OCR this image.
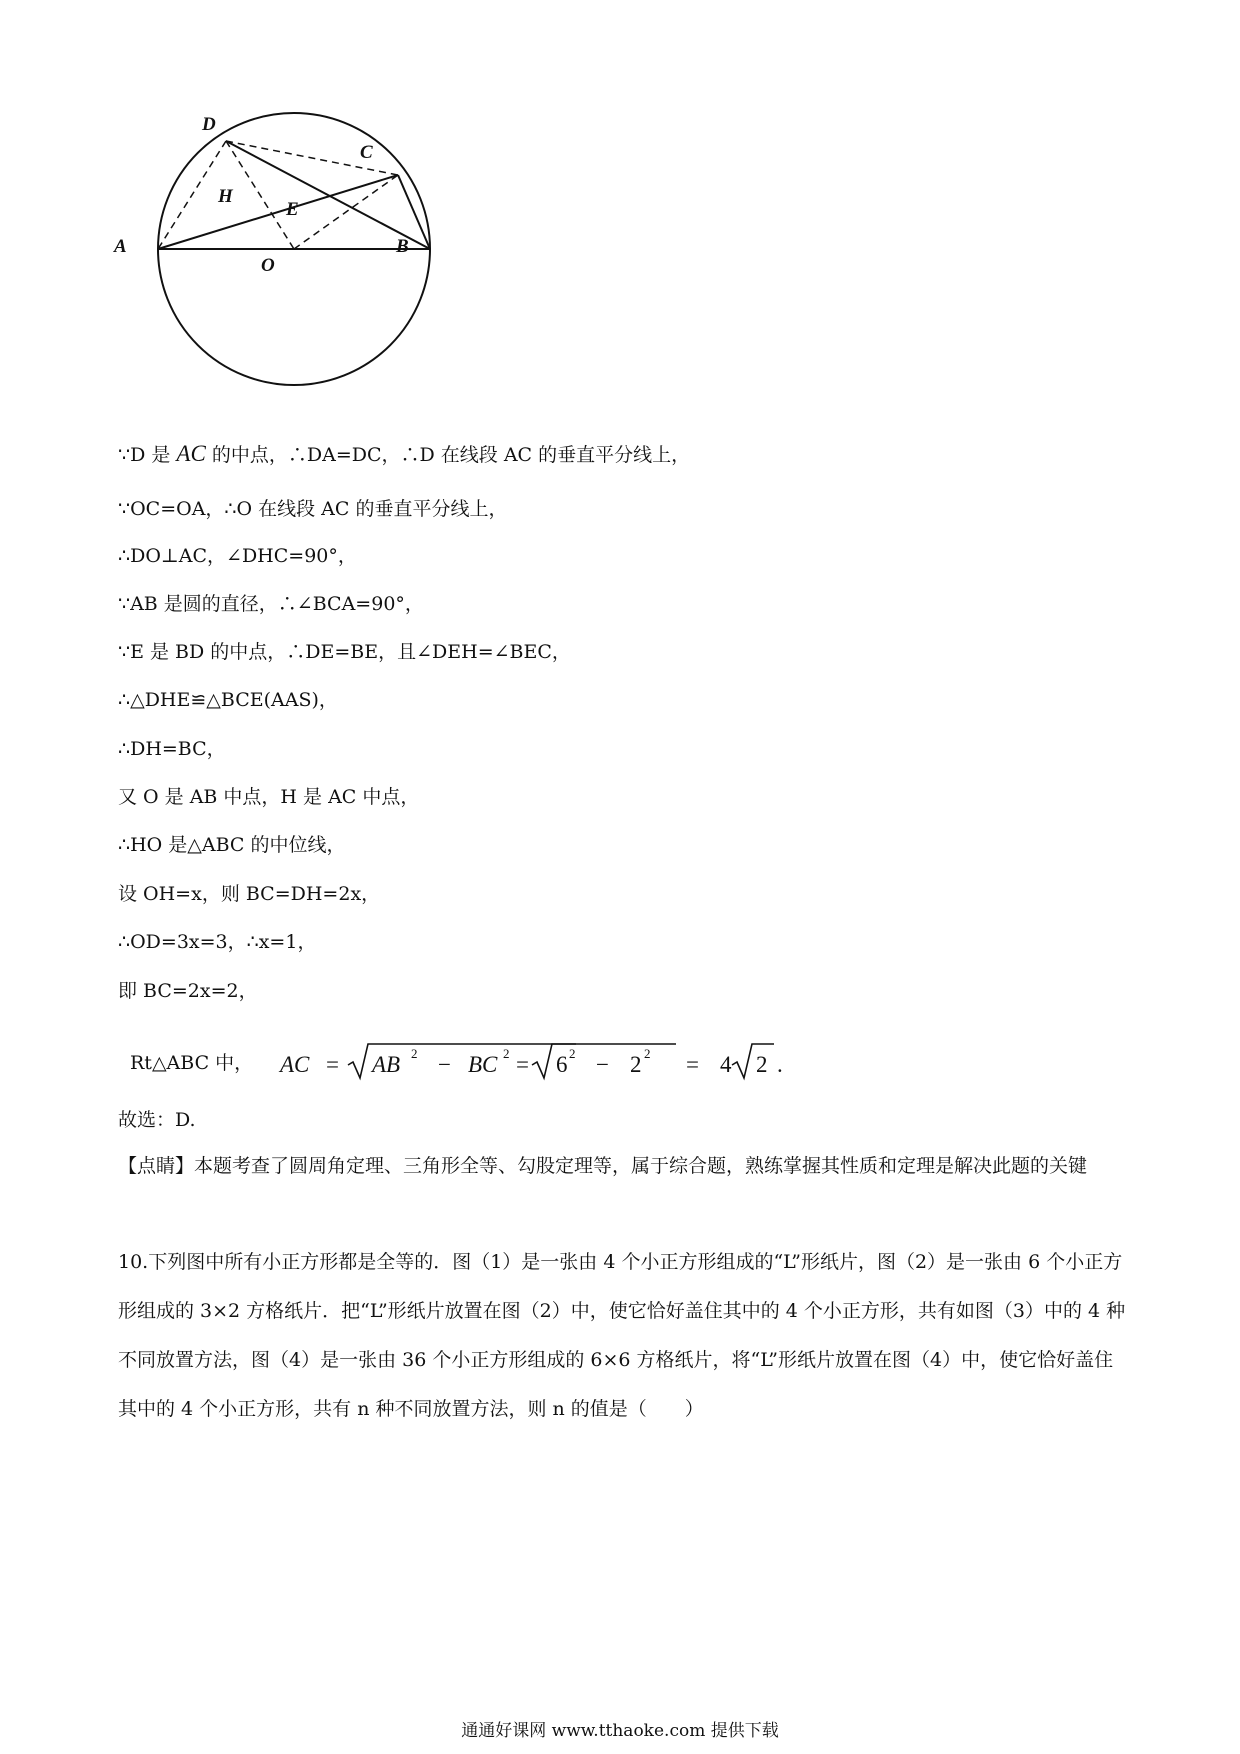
D
C
H
E
A	B
O
∵D 是 AC 的中点，∴DA=DC，∴D 在线段 AC 的垂直平分线上，
∵OC=OA，∴O 在线段 AC 的垂直平分线上，
∴DO⊥AC，∠DHC=90°，
∵AB 是圆的直径，∴∠BCA=90°，
∵E 是 BD 的中点，∴DE=BE，且∠DEH=∠BEC，
∴△DHE≌△BCE(AAS)，
∴DH=BC，
又 O 是 AB 中点，H 是 AC 中点，
∴HO 是△ABC 的中位线，
设 OH=x，则 BC=DH=2x，
∴OD=3x=3，∴x=1，
即 BC=2x=2，
Rt△ABC 中， AC = AB 2 − BC 2 = 6 2 − 2 2 = 4 2 .
故选：D.
【点睛】本题考查了圆周角定理、三角形全等、勾股定理等，属于综合题，熟练掌握其性质和定理是解决此题的关键
10.下列图中所有小正方形都是全等的．图（1）是一张由 4 个小正方形组成的“L”形纸片，图（2）是一张由 6 个小正方形组成的 3×2 方格纸片．把“L”形纸片放置在图（2）中，使它恰好盖住其中的 4 个小正方形，共有如图（3）中的 4 种不同放置方法，图（4）是一张由 36 个小正方形组成的 6×6 方格纸片，将“L”形纸片放置在图（4）中，使它恰好盖住其中的 4 个小正方形，共有 n 种不同放置方法，则 n 的值是（　　）
通通好课网 www.tthaoke.com 提供下载
